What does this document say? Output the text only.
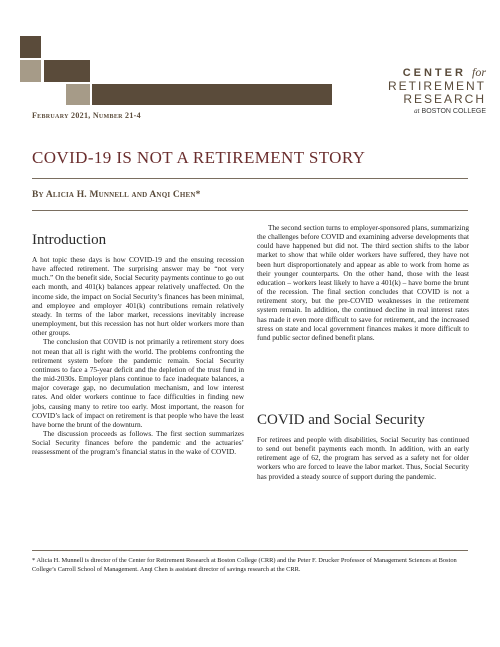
CENTER for
RETIREMENT
RESEARCH
at BOSTON COLLEGE
February 2021, Number 21-4
COVID-19 IS NOT A RETIREMENT STORY
By Alicia H. Munnell and Anqi Chen*
Introduction

A hot topic these days is how COVID-19 and the ensuing recession have affected retirement. The surprising answer may be “not very much.” On the benefit side, Social Security payments continue to go out each month, and 401(k) balances appear relatively unaffected. On the income side, the impact on Social Security’s finances has been minimal, and employee and employer 401(k) contributions remain relatively steady. In terms of the labor market, recessions inevitably increase unemployment, but this recession has not hurt older workers more than other groups.

The conclusion that COVID is not primarily a retirement story does not mean that all is right with the world. The problems confronting the retirement system before the pandemic remain. Social Security continues to face a 75-year deficit and the depletion of the trust fund in the mid-2030s. Employer plans continue to face inadequate balances, a major coverage gap, no decumulation mechanism, and low interest rates. And older workers continue to face difficulties in finding new jobs, causing many to retire too early. Most important, the reason for COVID’s lack of impact on retirement is that people who have the least have borne the brunt of the downturn.

The discussion proceeds as follows. The first section summarizes Social Security finances before the pandemic and the actuaries’ reassessment of the program’s financial status in the wake of COVID.

The second section turns to employer-sponsored plans, summarizing the challenges before COVID and examining adverse developments that could have happened but did not. The third section shifts to the labor market to show that while older workers have suffered, they have not been hurt disproportionately and appear as able to work from home as their younger counterparts. On the other hand, those with the least education – workers least likely to have a 401(k) – have borne the brunt of the recession. The final section concludes that COVID is not a retirement story, but the pre-COVID weaknesses in the retirement system remain. In addition, the continued decline in real interest rates has made it even more difficult to save for retirement, and the increased stress on state and local government finances makes it more difficult to fund public sector defined benefit plans.

COVID and Social Security

For retirees and people with disabilities, Social Security has continued to send out benefit payments each month. In addition, with an early retirement age of 62, the program has served as a safety net for older workers who are forced to leave the labor market. Thus, Social Security has provided a steady source of support during the pandemic.

* Alicia H. Munnell is director of the Center for Retirement Research at Boston College (CRR) and the Peter F. Drucker Professor of Management Sciences at Boston College’s Carroll School of Management. Anqi Chen is assistant director of savings research at the CRR.
